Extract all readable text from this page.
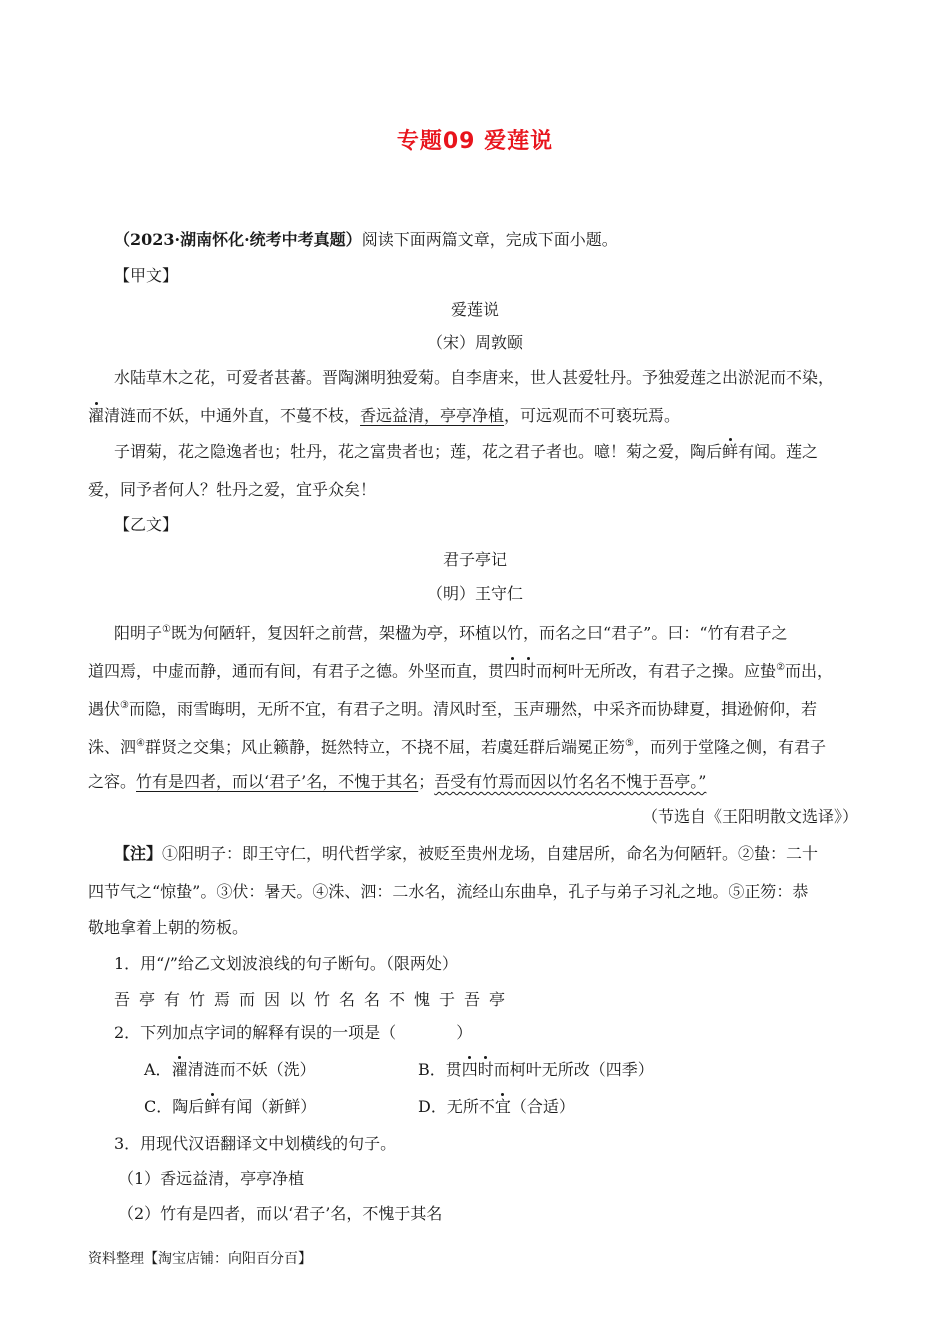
专题09 爱莲说
（2023·湖南怀化·统考中考真题）阅读下面两篇文章，完成下面小题。
【甲文】
爱莲说
（宋）周敦颐
水陆草木之花，可爱者甚蕃。晋陶渊明独爱菊。自李唐来，世人甚爱牡丹。予独爱莲之出淤泥而不染，
濯清涟而不妖，中通外直，不蔓不枝，香远益清，亭亭净植，可远观而不可亵玩焉。
子谓菊，花之隐逸者也；牡丹，花之富贵者也；莲，花之君子者也。噫！菊之爱，陶后鲜有闻。莲之
爱，同予者何人？牡丹之爱，宜乎众矣！
【乙文】
君子亭记
（明）王守仁
阳明子①既为何陋轩，复因轩之前营，架楹为亭，环植以竹，而名之曰“君子”。曰：“竹有君子之
道四焉，中虚而静，通而有间，有君子之德。外坚而直，贯四时而柯叶无所改，有君子之操。应蛰②而出，
遇伏③而隐，雨雪晦明，无所不宜，有君子之明。清风时至，玉声珊然，中采齐而协肆夏，揖逊俯仰，若
洙、泗④群贤之交集；风止籁静，挺然特立，不挠不屈，若虞廷群后端冕正笏⑤，而列于堂隆之侧，有君子
之容。竹有是四者，而以‘君子’名，不愧于其名；吾受有竹焉而因以竹名名不愧于吾亭。”
（节选自《王阳明散文选译》）
【注】①阳明子：即王守仁，明代哲学家，被贬至贵州龙场，自建居所，命名为何陋轩。②蛰：二十
四节气之“惊蛰”。③伏：暑天。④洙、泗：二水名，流经山东曲阜，孔子与弟子习礼之地。⑤正笏：恭
敬地拿着上朝的笏板。
1．用“/”给乙文划波浪线的句子断句。（限两处）
吾亭有竹焉而因以竹名名不愧于吾亭
2．下列加点字词的解释有误的一项是（	）
A．濯清涟而不妖（洗）	B．贯四时而柯叶无所改（四季）
C．陶后鲜有闻（新鲜）	D．无所不宜（合适）
3．用现代汉语翻译文中划横线的句子。
（1）香远益清，亭亭净植
（2）竹有是四者，而以‘君子’名，不愧于其名
资料整理【淘宝店铺：向阳百分百】
